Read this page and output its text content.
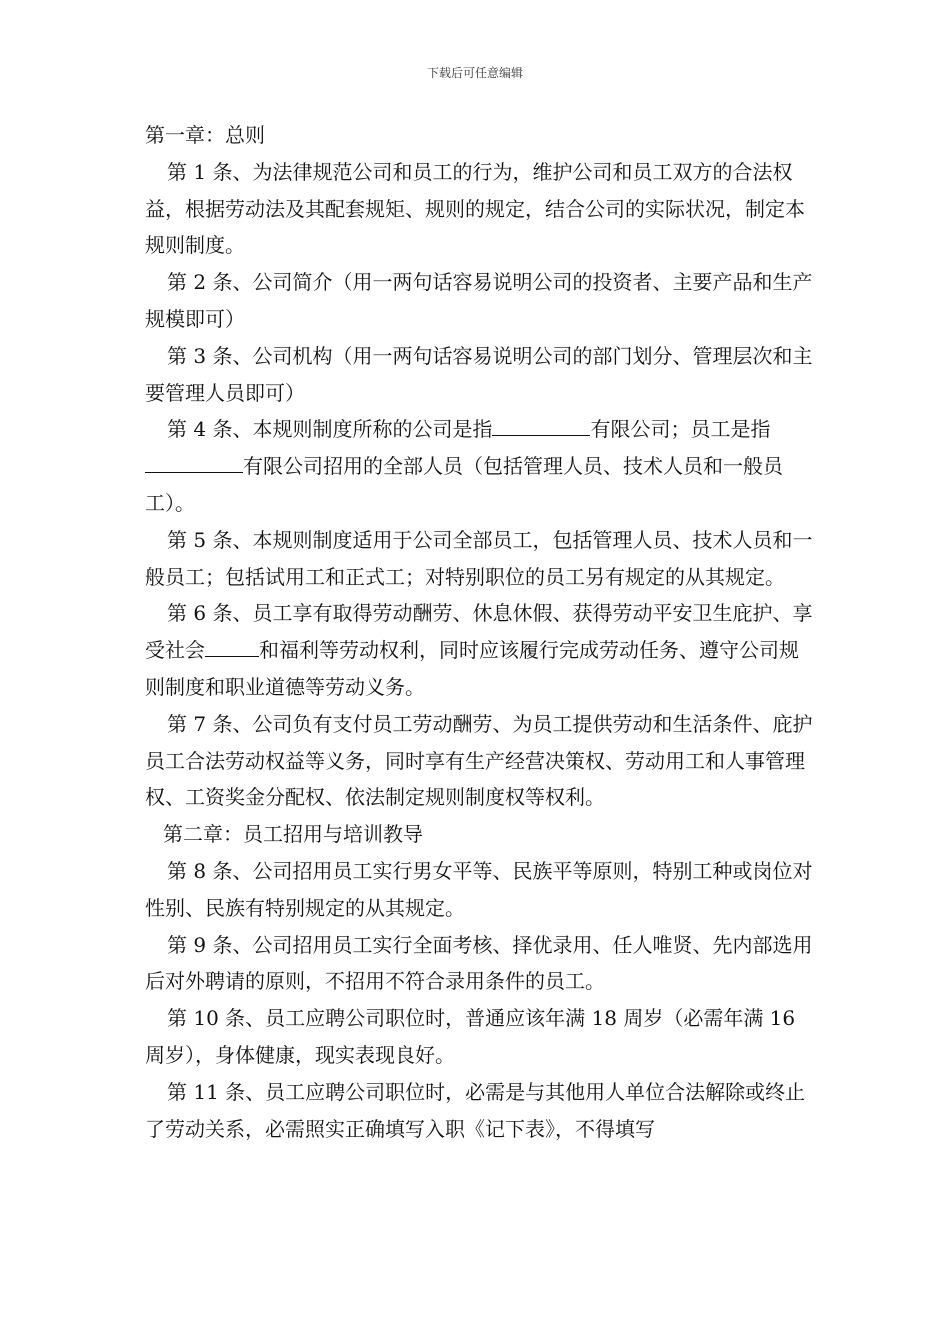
下载后可任意编辑

第一章：总则

第 1 条、为法律规范公司和员工的行为，维护公司和员工双方的合法权益，根据劳动法及其配套规矩、规则的规定，结合公司的实际状况，制定本规则制度。

第 2 条、公司简介（用一两句话容易说明公司的投资者、主要产品和生产规模即可）

第 3 条、公司机构（用一两句话容易说明公司的部门划分、管理层次和主要管理人员即可）

第 4 条、本规则制度所称的公司是指	有限公司；员工是指有限公司招用的全部人员（包括管理人员、技术人员和一般员工）。

第 5 条、本规则制度适用于公司全部员工，包括管理人员、技术人员和一般员工；包括试用工和正式工；对特别职位的员工另有规定的从其规定。

第 6 条、员工享有取得劳动酬劳、休息休假、获得劳动平安卫生庇护、享受社会	和福利等劳动权利，同时应该履行完成劳动任务、遵守公司规则制度和职业道德等劳动义务。

第 7 条、公司负有支付员工劳动酬劳、为员工提供劳动和生活条件、庇护员工合法劳动权益等义务，同时享有生产经营决策权、劳动用工和人事管理权、工资奖金分配权、依法制定规则制度权等权利。

第二章：员工招用与培训教导

第 8 条、公司招用员工实行男女平等、民族平等原则，特别工种或岗位对性别、民族有特别规定的从其规定。

第 9 条、公司招用员工实行全面考核、择优录用、任人唯贤、先内部选用后对外聘请的原则，不招用不符合录用条件的员工。

第 10 条、员工应聘公司职位时，普通应该年满 18 周岁（必需年满 16 周岁），身体健康，现实表现良好。

第 11 条、员工应聘公司职位时，必需是与其他用人单位合法解除或终止了劳动关系，必需照实正确填写入职《记下表》，不得填写
